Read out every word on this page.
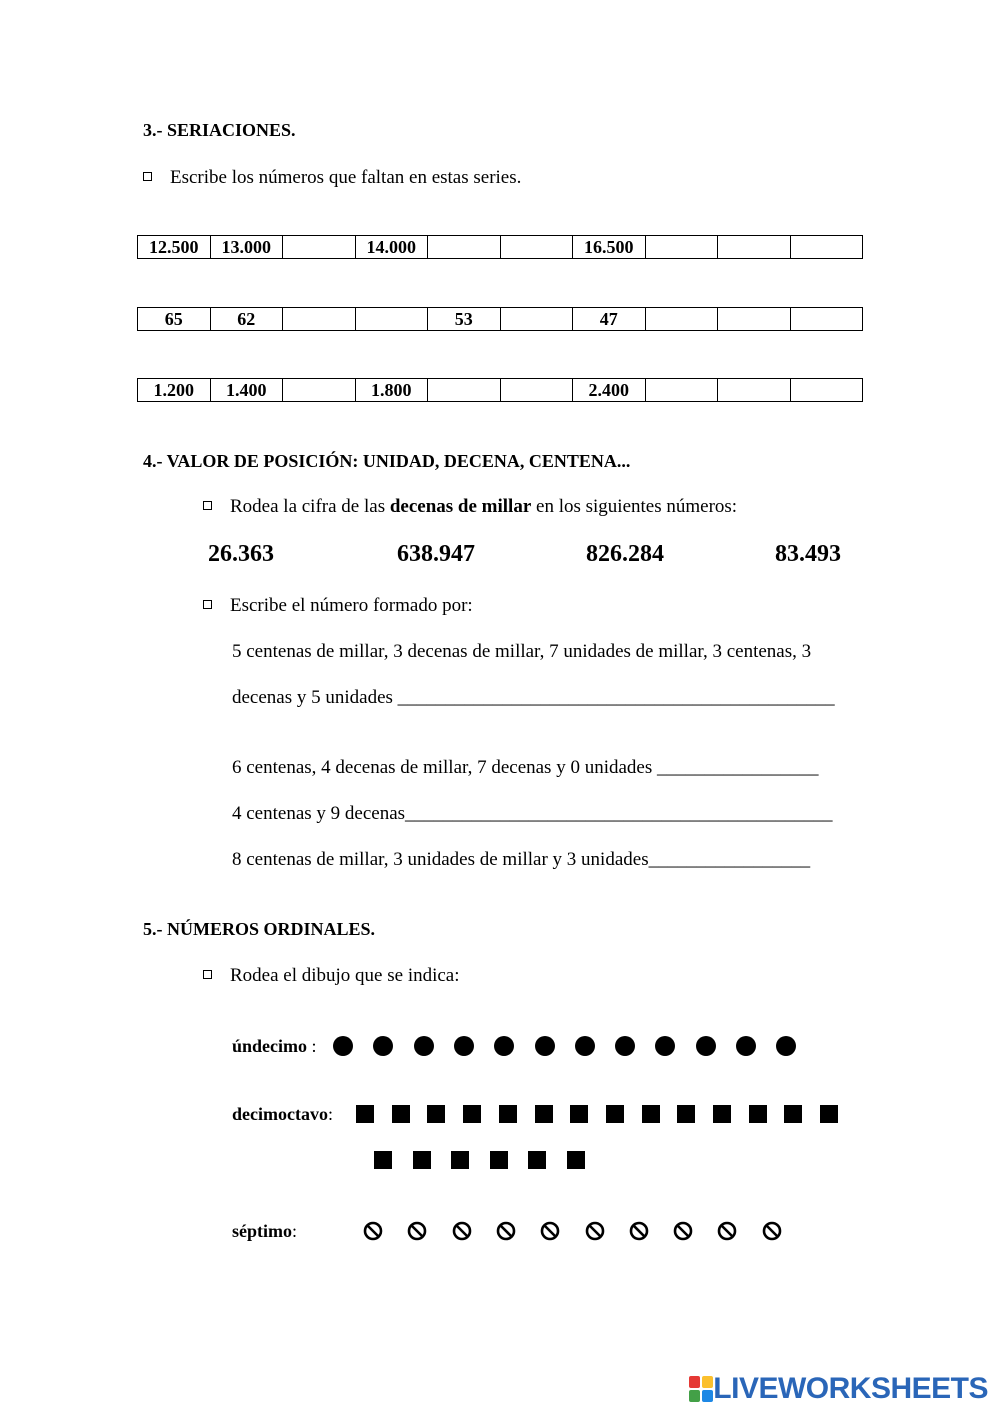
3.- SERIACIONES.
Escribe los números que faltan en estas series.
12.500	13.000		14.000			16.500			
65	62			53		47			
1.200	1.400		1.800			2.400			
4.- VALOR DE POSICIÓN: UNIDAD, DECENA, CENTENA...
Rodea la cifra de las decenas de millar en los siguientes números:
26.363	638.947	826.284	83.493
Escribe el número formado por:
5 centenas de millar, 3 decenas de millar, 7 unidades de millar, 3 centenas, 3
decenas y 5 unidades ______________________________________________
6 centenas, 4 decenas de millar, 7 decenas y 0 unidades _________________
4 centenas y 9 decenas_____________________________________________
8 centenas de millar, 3 unidades de millar y 3 unidades_________________
5.- NÚMEROS ORDINALES.
Rodea el dibujo que se indica:
úndecimo :
decimoctavo:
séptimo:
LIVEWORKSHEETS
